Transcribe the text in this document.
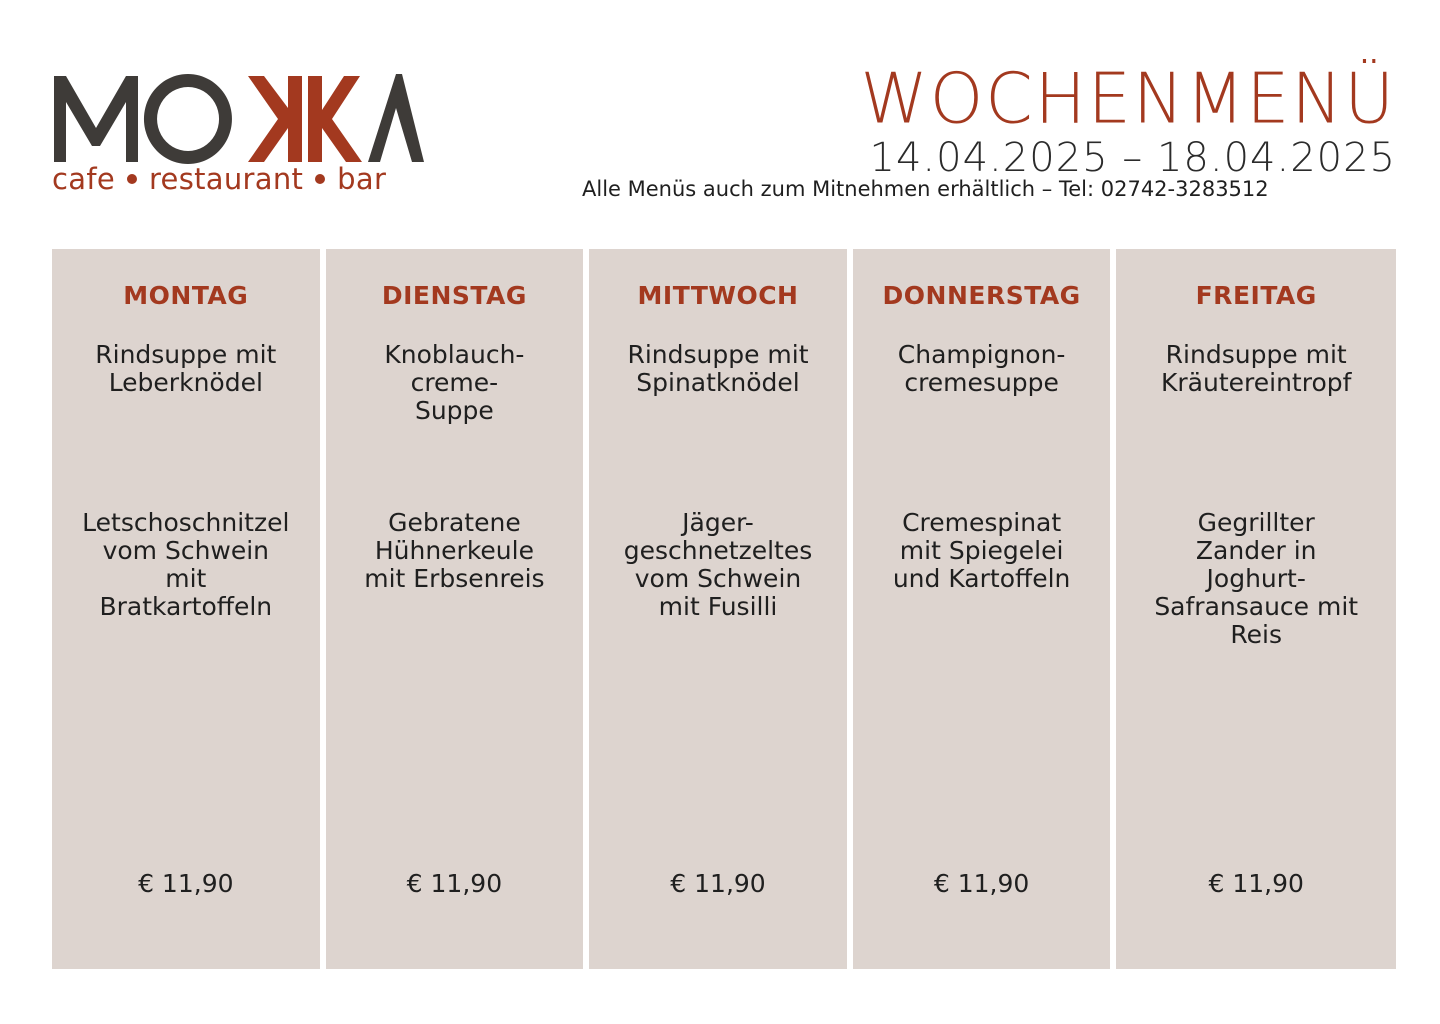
cafe restaurant bar
WOCHENMENÜ
14.04.2025 – 18.04.2025
Alle Menüs auch zum Mitnehmen erhältlich – Tel: 02742-3283512
MONTAG
Rindsuppe mit
Leberknödel
Letschoschnitzel
vom Schwein
mit
Bratkartoffeln
€ 11,90
DIENSTAG
Knoblauch-
creme-
Suppe
Gebratene
Hühnerkeule
mit Erbsenreis
€ 11,90
MITTWOCH
Rindsuppe mit
Spinatknödel
Jäger-
geschnetzeltes
vom Schwein
mit Fusilli
€ 11,90
DONNERSTAG
Champignon-
cremesuppe
Cremespinat
mit Spiegelei
und Kartoffeln
€ 11,90
FREITAG
Rindsuppe mit
Kräutereintropf
Gegrillter
Zander in
Joghurt-
Safransauce mit
Reis
€ 11,90
